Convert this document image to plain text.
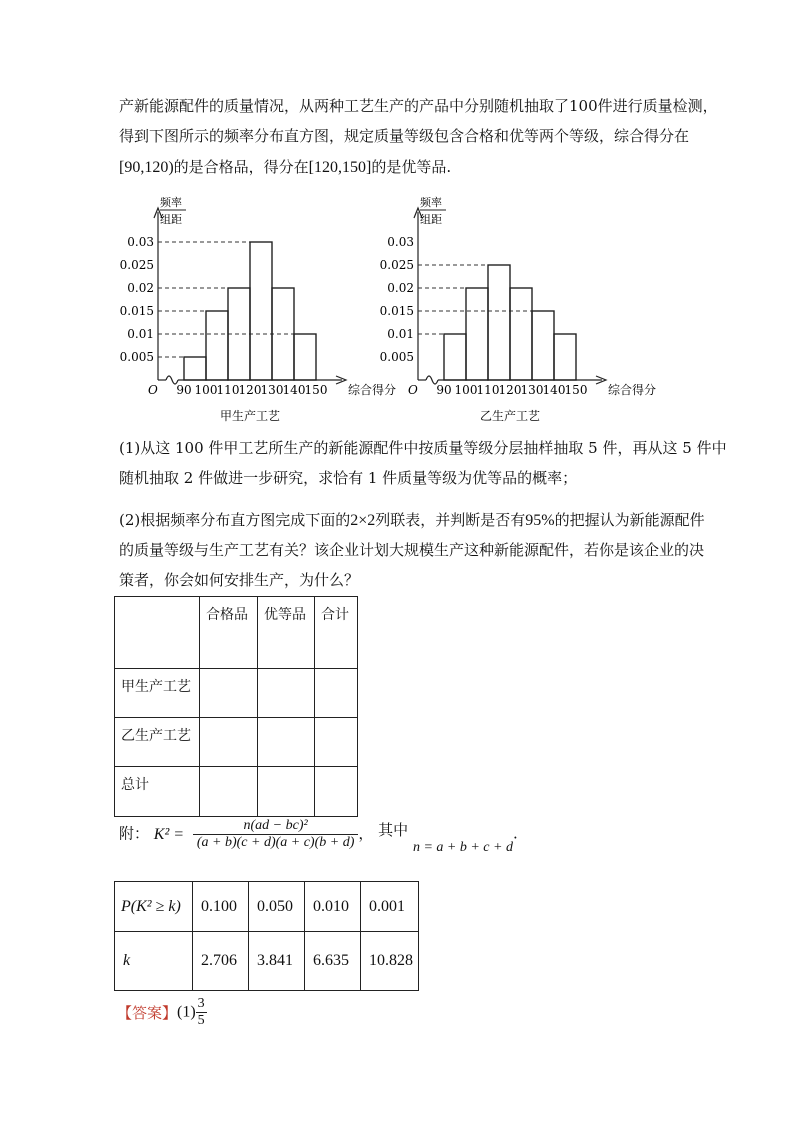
产新能源配件的质量情况，从两种工艺生产的产品中分别随机抽取了100件进行质量检测，

得到下图所示的频率分布直方图，规定质量等级包含合格和优等两个等级，综合得分在

[90,120)的是合格品，得分在[120,150]的是优等品.

频率
组距
O
0.005
0.01
0.015
0.02
0.025
0.03
90 100 110 120 130 140 150 综合得分
甲生产工艺
频率
组距
O
0.005
0.01
0.015
0.02
0.025
0.03
90 100 110 120 130 140 150 综合得分
乙生产工艺

(1)从这 100 件甲工艺所生产的新能源配件中按质量等级分层抽样抽取 5 件，再从这 5 件中

随机抽取 2 件做进一步研究，求恰有 1 件质量等级为优等品的概率；

(2)根据频率分布直方图完成下面的2×2列联表，并判断是否有95%的把握认为新能源配件

的质量等级与生产工艺有关？该企业计划大规模生产这种新能源配件，若你是该企业的决

策者，你会如何安排生产，为什么？

	合格品	优等品	合计

甲生产工艺			

乙生产工艺			

总计			

附： $K^2 = \frac{\text{n(ad − bc)²}}{(a + b)(c + d)(a + c)(b + d)}$ ， 其中 n = a + b + c + d.
P(K² ≥ k)	0.100	0.050	0.010	0.001

k	2.706	3.841	6.635	10.828
【答案】$(1) \frac{3}{5}$
